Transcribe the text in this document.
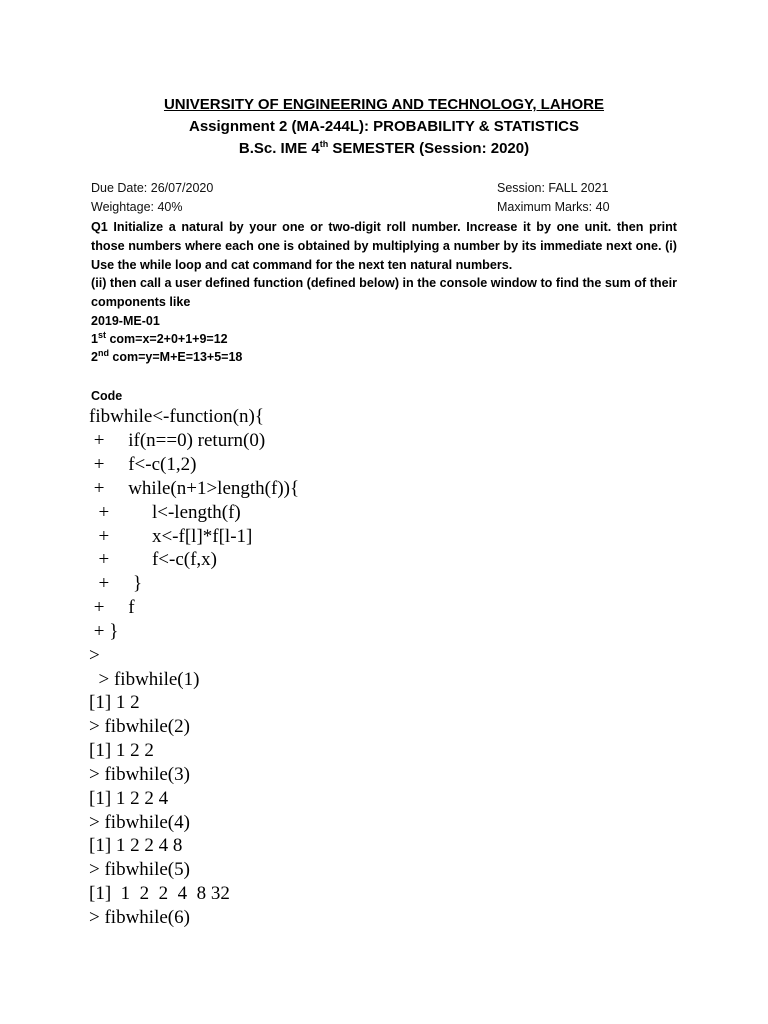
UNIVERSITY OF ENGINEERING AND TECHNOLOGY, LAHORE
Assignment 2 (MA-244L): PROBABILITY & STATISTICS
B.Sc. IME 4th SEMESTER (Session: 2020)
Due Date: 26/07/2020	Session: FALL 2021
Weightage: 40%	Maximum Marks: 40
Q1 Initialize a natural by your one or two-digit roll number. Increase it by one unit. then print those numbers where each one is obtained by multiplying a number by its immediate next one. (i) Use the while loop and cat command for the next ten natural numbers.
(ii) then call a user defined function (defined below) in the console window to find the sum of their components like
2019-ME-01
1st com=x=2+0+1+9=12
2nd com=y=M+E=13+5=18
Code
fibwhile<-function(n){
+     if(n==0) return(0)
+     f<-c(1,2)
+     while(n+1>length(f)){
+         l<-length(f)
+         x<-f[l]*f[l-1]
+         f<-c(f,x)
+     }
+     f
+ }
>
> fibwhile(1)
[1] 1 2
> fibwhile(2)
[1] 1 2 2
> fibwhile(3)
[1] 1 2 2 4
> fibwhile(4)
[1] 1 2 2 4 8
> fibwhile(5)
[1]  1  2  2  4  8 32
> fibwhile(6)
